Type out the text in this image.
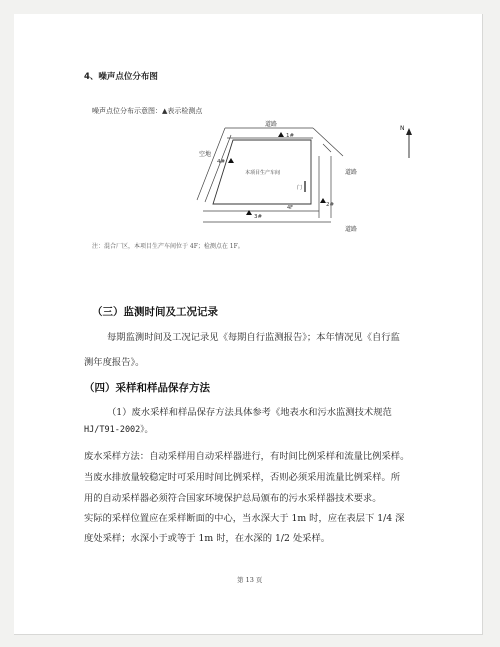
4、噪声点位分布图
噪声点位分布示意图：▲表示检测点
道路
道路
道路
空地
本项目生产车间
门
4F
1#
2#
3#
4#
N
注：混合厂区，本项目生产车间位于 4F；检测点在 1F。
（三）监测时间及工况记录
每期监测时间及工况记录见《每期自行监测报告》；本年情况见《自行监
测年度报告》。
（四）采样和样品保存方法
（1）废水采样和样品保存方法具体参考《地表水和污水监测技术规范
HJ/T91-2002》。
废水采样方法：自动采样用自动采样器进行，有时间比例采样和流量比例采样。
当废水排放量较稳定时可采用时间比例采样，否则必须采用流量比例采样。所
用的自动采样器必须符合国家环境保护总局颁布的污水采样器技术要求。
实际的采样位置应在采样断面的中心，当水深大于 1m 时，应在表层下 1/4 深
度处采样；水深小于或等于 1m 时，在水深的 1/2 处采样。
第 13 页
